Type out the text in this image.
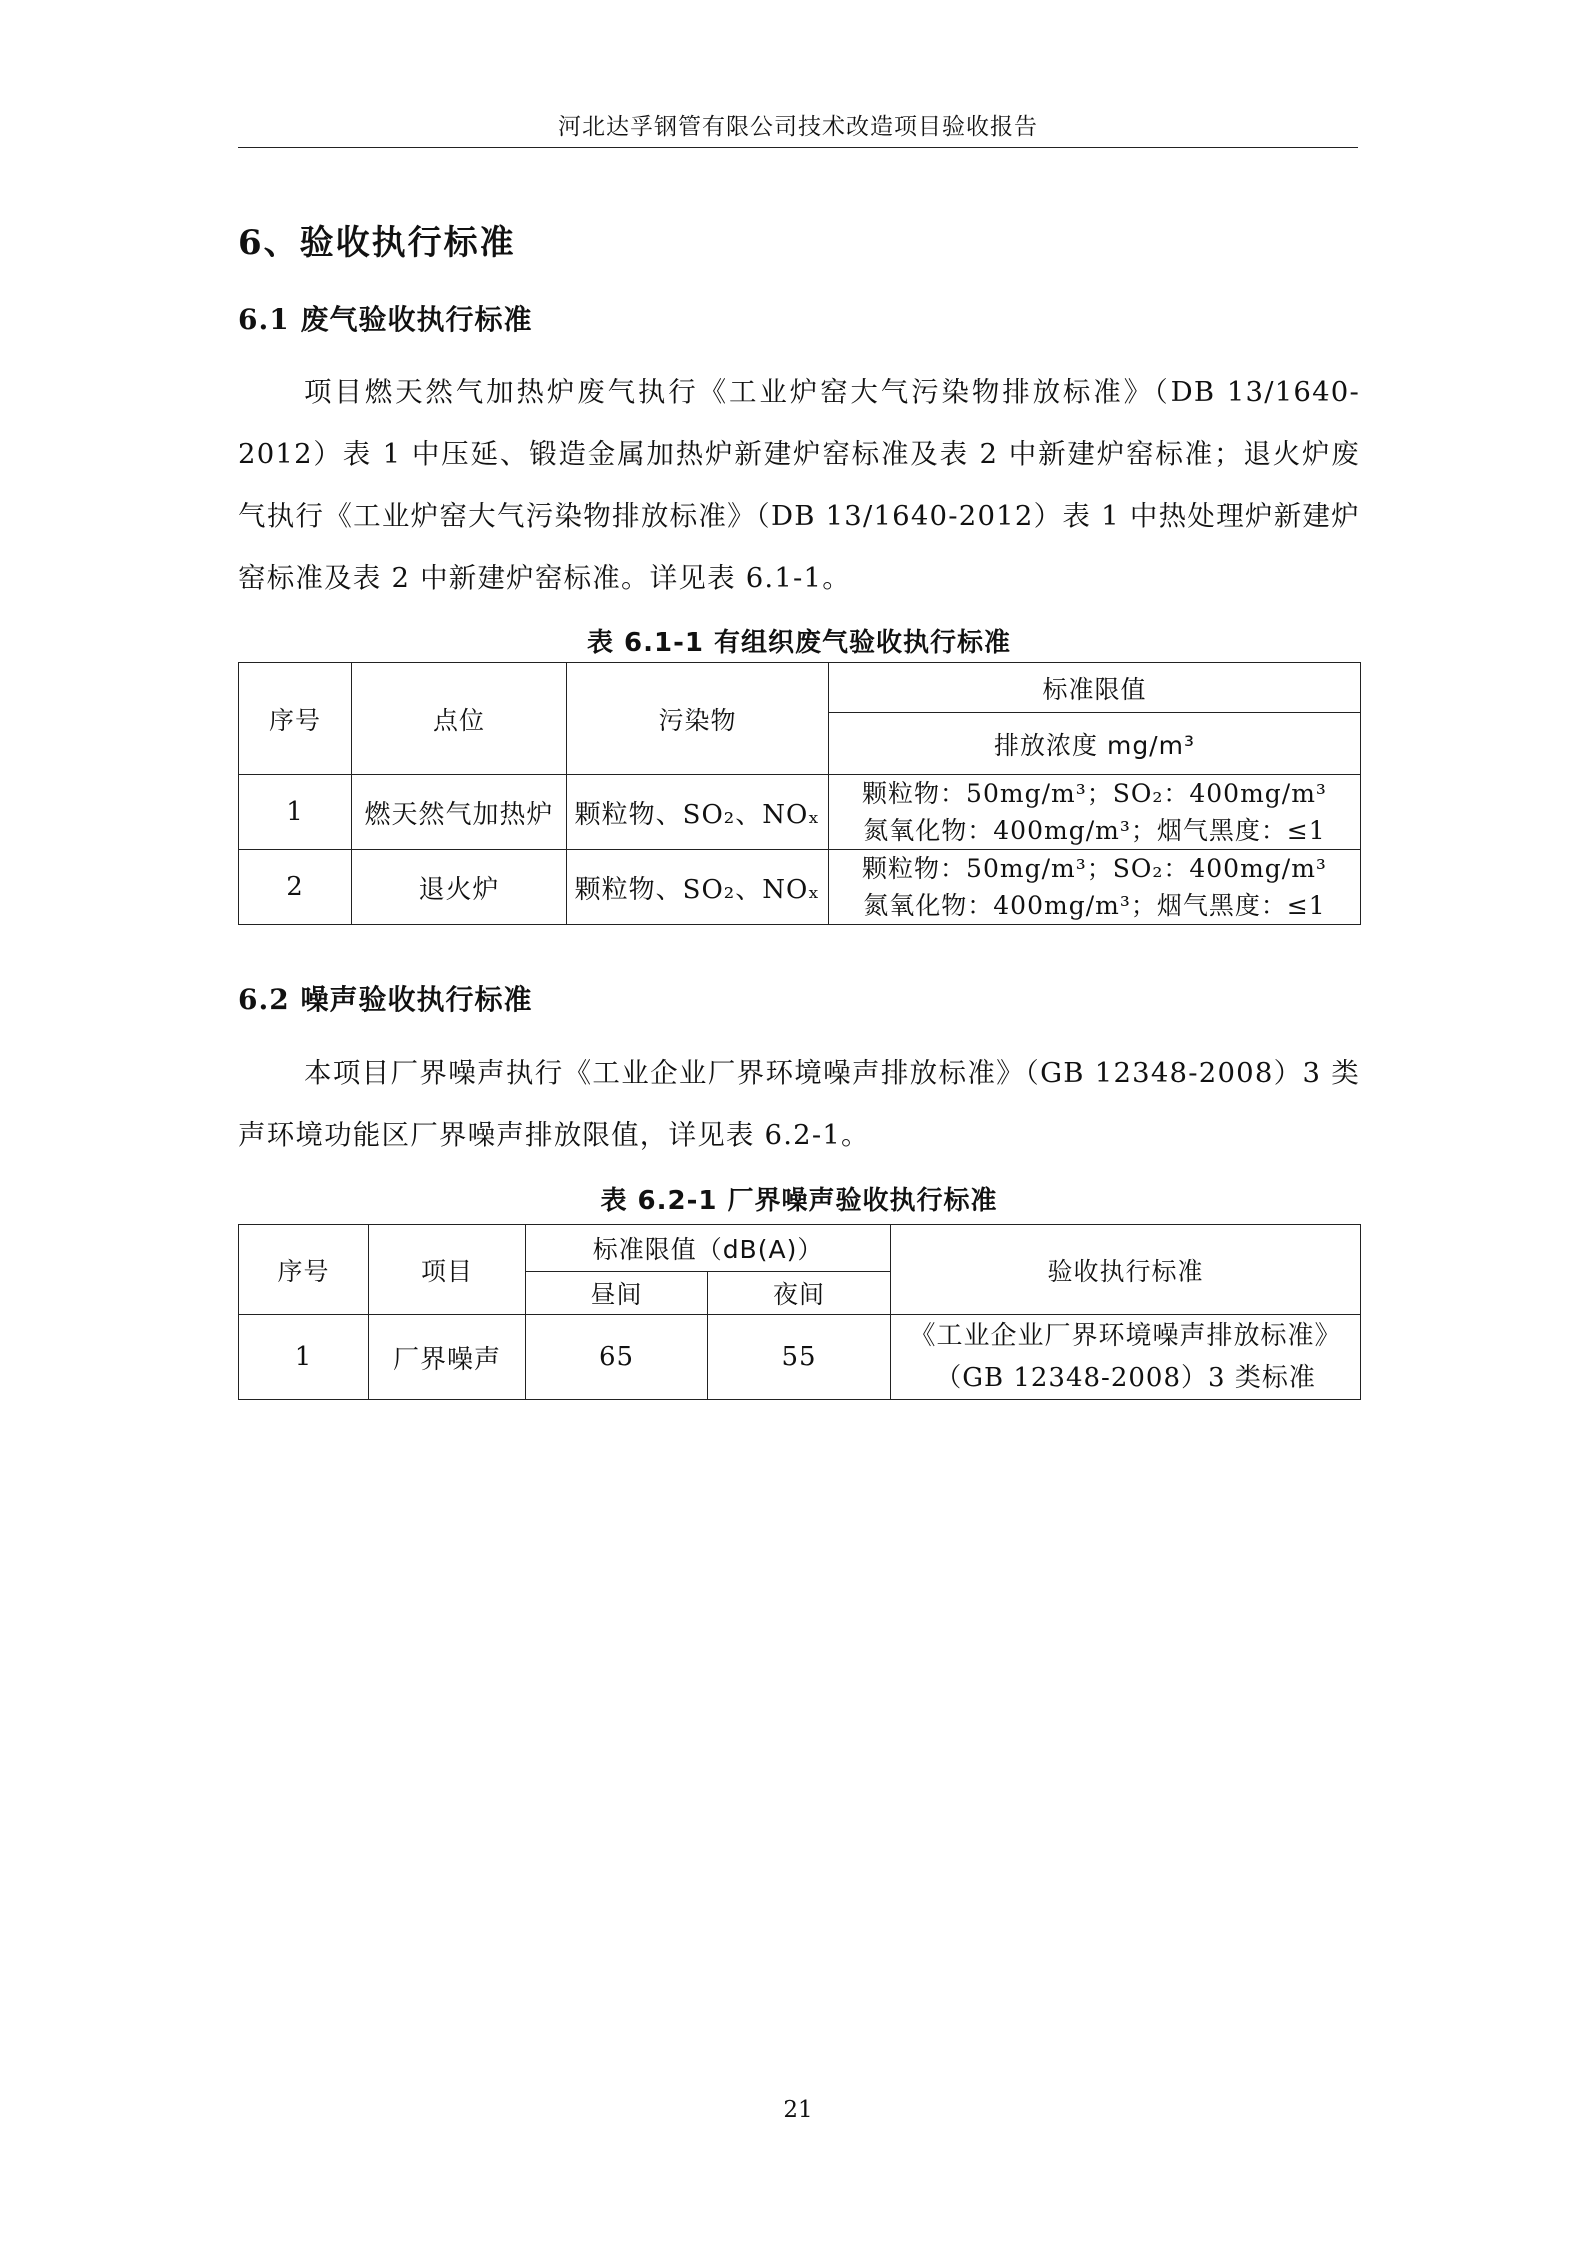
河北达孚钢管有限公司技术改造项目验收报告
6、验收执行标准
6.1 废气验收执行标准
项目燃天然气加热炉废气执行《工业炉窑大气污染物排放标准》（DB 13/1640-2012）表 1 中压延、锻造金属加热炉新建炉窑标准及表 2 中新建炉窑标准；退火炉废气执行《工业炉窑大气污染物排放标准》（DB 13/1640-2012）表 1 中热处理炉新建炉窑标准及表 2 中新建炉窑标准。详见表 6.1-1。
表 6.1-1 有组织废气验收执行标准
序号	点位	污染物	标准限值
			排放浓度 mg/m³
1	燃天然气加热炉	颗粒物、SO₂、NOₓ	颗粒物：50mg/m³；SO₂：400mg/m³
氮氧化物：400mg/m³；烟气黑度：≤1

2	退火炉	颗粒物、SO₂、NOₓ	颗粒物：50mg/m³；SO₂：400mg/m³
氮氧化物：400mg/m³；烟气黑度：≤1
6.2 噪声验收执行标准
本项目厂界噪声执行《工业企业厂界环境噪声排放标准》（GB 12348-2008）3 类声环境功能区厂界噪声排放限值，详见表 6.2-1。
表 6.2-1 厂界噪声验收执行标准
序号	项目	标准限值（dB(A)）		验收执行标准
		昼间	夜间	
1	厂界噪声	65	55	《工业企业厂界环境噪声排放标准》
（GB 12348-2008）3 类标准
21
